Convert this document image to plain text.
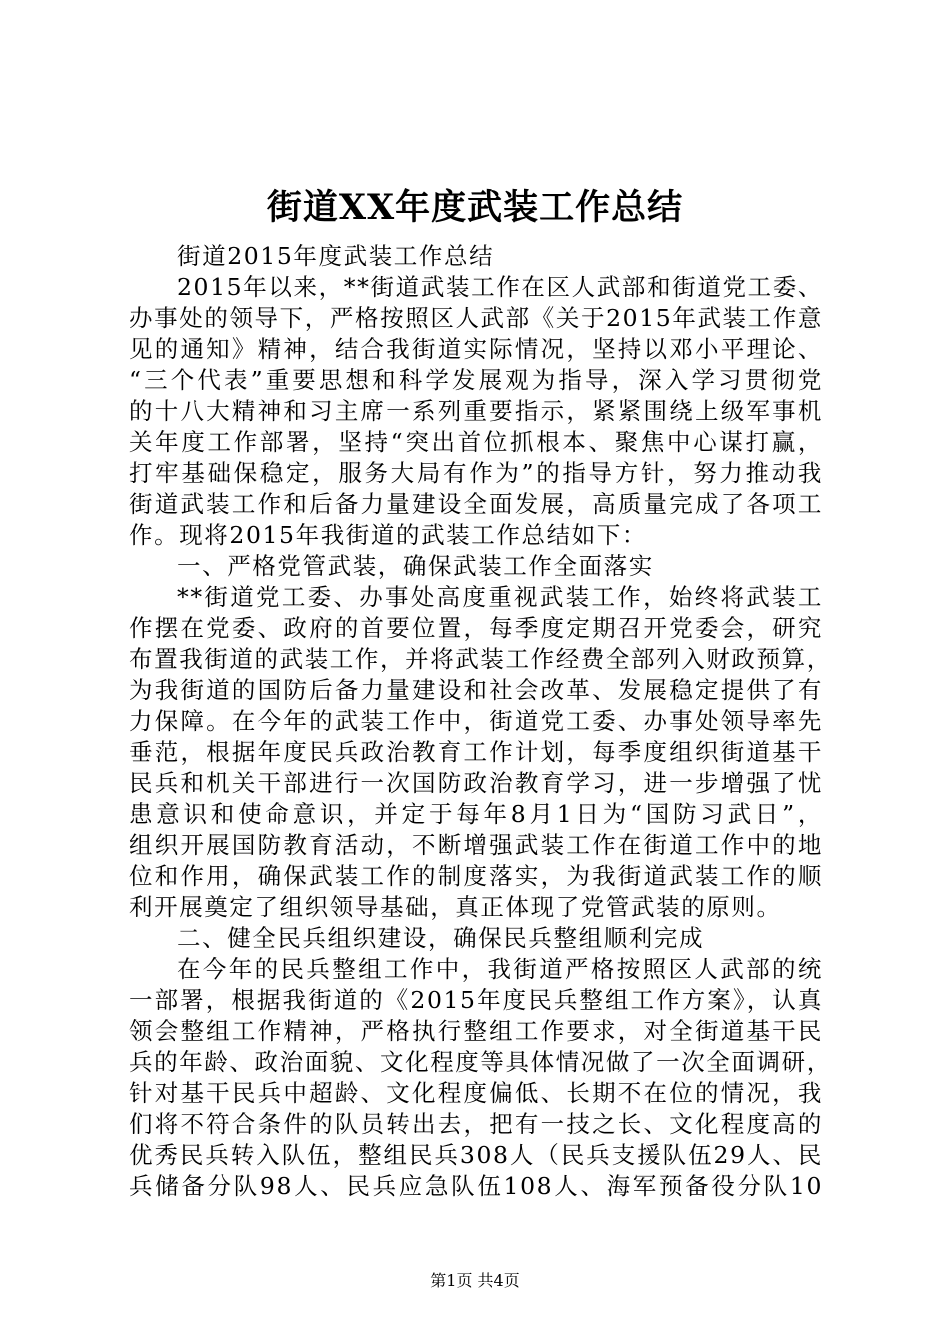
街道XX年度武装工作总结
街道2015年度武装工作总结
2015年以来，**街道武装工作在区人武部和街道党工委、
办事处的领导下，严格按照区人武部《关于2015年武装工作意
见的通知》精神，结合我街道实际情况，坚持以邓小平理论、
“三个代表”重要思想和科学发展观为指导，深入学习贯彻党
的十八大精神和习主席一系列重要指示，紧紧围绕上级军事机
关年度工作部署，坚持“突出首位抓根本、聚焦中心谋打赢，
打牢基础保稳定，服务大局有作为”的指导方针，努力推动我
街道武装工作和后备力量建设全面发展，高质量完成了各项工
作。现将2015年我街道的武装工作总结如下：
一、严格党管武装，确保武装工作全面落实
**街道党工委、办事处高度重视武装工作，始终将武装工
作摆在党委、政府的首要位置，每季度定期召开党委会，研究
布置我街道的武装工作，并将武装工作经费全部列入财政预算，
为我街道的国防后备力量建设和社会改革、发展稳定提供了有
力保障。在今年的武装工作中，街道党工委、办事处领导率先
垂范，根据年度民兵政治教育工作计划，每季度组织街道基干
民兵和机关干部进行一次国防政治教育学习，进一步增强了忧
患意识和使命意识，并定于每年8月1日为“国防习武日”，
组织开展国防教育活动，不断增强武装工作在街道工作中的地
位和作用，确保武装工作的制度落实，为我街道武装工作的顺
利开展奠定了组织领导基础，真正体现了党管武装的原则。
二、健全民兵组织建设，确保民兵整组顺利完成
在今年的民兵整组工作中，我街道严格按照区人武部的统
一部署，根据我街道的《2015年度民兵整组工作方案》，认真
领会整组工作精神，严格执行整组工作要求，对全街道基干民
兵的年龄、政治面貌、文化程度等具体情况做了一次全面调研，
针对基干民兵中超龄、文化程度偏低、长期不在位的情况，我
们将不符合条件的队员转出去，把有一技之长、文化程度高的
优秀民兵转入队伍，整组民兵308人（民兵支援队伍29人、民
兵储备分队98人、民兵应急队伍108人、海军预备役分队10
第1页 共4页
